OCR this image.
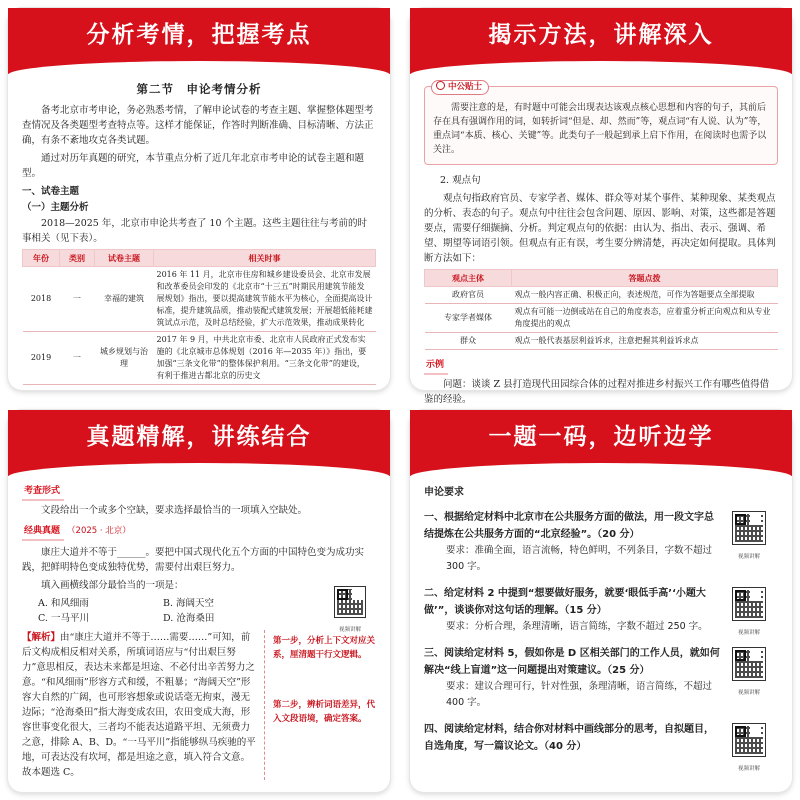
分析考情，把握考点
第二节　申论考情分析
备考北京市考申论，务必熟悉考情，了解申论试卷的考查主题、掌握整体题型考查情况及各类题型考查特点等。这样才能保证，作答时判断准确、目标清晰、方法正确，有条不紊地攻克各类试题。
通过对历年真题的研究，本节重点分析了近几年北京市考申论的试卷主题和题型。
一、试卷主题
（一）主题分析
2018—2025 年，北京市申论共考查了 10 个主题。这些主题往往与考前的时事相关（见下表）。
年份	类别	试卷主题	相关时事
2018	一	幸福的建筑	2016 年 11 月，北京市住房和城乡建设委员会、北京市发展和改革委员会印发的《北京市“十三五”时期民用建筑节能发展规划》指出，要以提高建筑节能水平为核心，全面提高设计标准，提升建筑品质，推动装配式建筑发展；开展超低能耗建筑试点示范，及时总结经验，扩大示范效果，推动成果转化
2019	一	城乡规划与治理	2017 年 9 月，中共北京市委、北京市人民政府正式发布实施的《北京城市总体规划（2016 年—2035 年）》指出，要加强“三条文化带”的整体保护利用。“三条文化带”的建设，有利于推进古都北京的历史文
揭示方法，讲解深入
中公贴士
需要注意的是，有时题中可能会出现表达该观点核心思想和内容的句子，其前后存在具有强调作用的词，如转折词“但是、却、然而”等，观点词“有人说、认为”等，重点词“本质、核心、关键”等。此类句子一般起到承上启下作用，在阅读时也需予以关注。
2. 观点句
观点句指政府官员、专家学者、媒体、群众等对某个事件、某种现象、某类观点的分析、表态的句子。观点句中往往会包含问题、原因、影响、对策，这些都是答题要点，需要仔细撷摘、分析。判定观点句的依据：由认为、指出、表示、强调、希望、期望等词语引领。但观点有正有误，考生要分辨清楚，再决定如何提取。具体判断方法如下：
观点主体	答题点拨
政府官员	观点一般内容正确、积极正向，表述规范，可作为答题要点全部提取
专家学者媒体	观点有可能一边倒或站在自己的角度表态，应着重分析正向观点和从专业角度提出的观点
群众	观点一般代表基层利益诉求，注意把握其利益诉求点
示例
问题：谈谈 Z 县打造现代田园综合体的过程对推进乡村振兴工作有哪些值得借鉴的经验。
真题精解，讲练结合
考查形式
文段给出一个或多个空缺，要求选择最恰当的一项填入空缺处。
经典真题 （2025 · 北京）
康庄大道并不等于______。要把中国式现代化五个方面的中国特色变为成功实践，把鲜明特色变成独特优势，需要付出艰巨努力。
填入画横线部分最恰当的一项是：
A. 和风细雨	B. 海阔天空
C. 一马平川	D. 沧海桑田
视频讲解
【解析】由“康庄大道并不等于……需要……”可知，前后文构成相反相对关系，所填词语应与“付出艰巨努力”意思相反，表达未来都是坦途、不必付出辛苦努力之意。“和风细雨”形容方式和缓，不粗暴；“海阔天空”形容大自然的广阔，也可形容想象或说话毫无拘束，漫无边际；“沧海桑田”指大海变成农田，农田变成大海，形容世事变化很大，三者均不能表达道路平坦、无须费力之意，排除 A、B、D。“一马平川”指能够纵马疾驰的平地，可表达没有坎坷，都是坦途之意，填入符合文意。故本题选 C。
第一步，分析上下文对应关系，厘清题干行文逻辑。
第二步，辨析词语差异，代入文段语境，确定答案。
一题一码，边听边学
申论要求
一、根据给定材料中北京市在公共服务方面的做法，用一段文字总结提炼在公共服务方面的“北京经验”。（20 分）
要求：准确全面，语言流畅，特色鲜明，不列条目，字数不超过 300 字。
视频讲解
二、给定材料 2 中提到“想要做好服务，就要‘眼低手高’‘小题大做’”，谈谈你对这句话的理解。（15 分）
要求：分析合理，条理清晰，语言简练，字数不超过 250 字。
视频讲解
三、阅读给定材料 5，假如你是 D 区相关部门的工作人员，就如何解决“线上盲道”这一问题提出对策建议。（25 分）
要求：建议合理可行，针对性强，条理清晰，语言简练，不超过 400 字。
视频讲解
四、阅读给定材料，结合你对材料中画线部分的思考，自拟题目，自选角度，写一篇议论文。（40 分）
视频讲解
